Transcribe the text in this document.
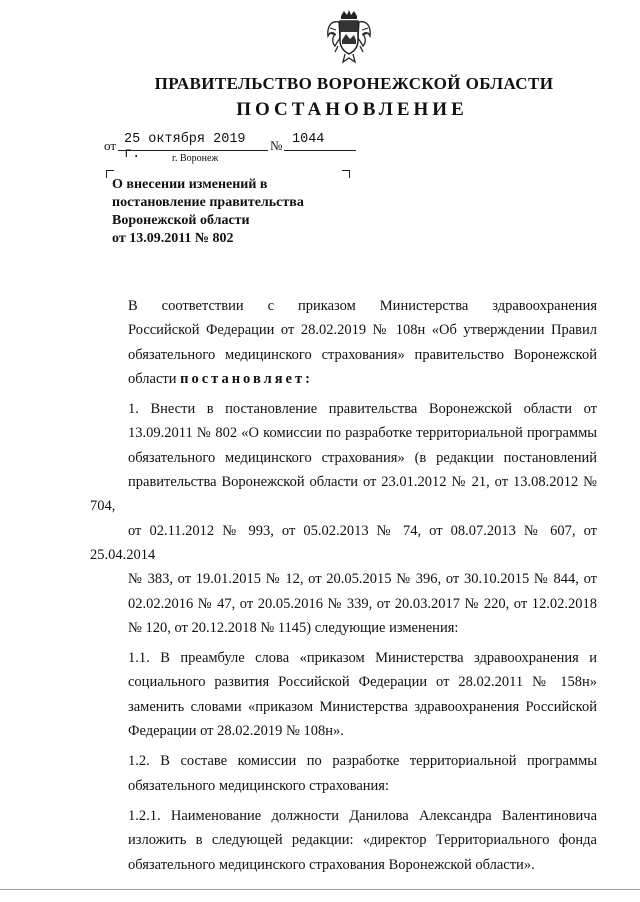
ПРАВИТЕЛЬСТВО ВОРОНЕЖСКОЙ ОБЛАСТИ
ПОСТАНОВЛЕНИЕ
от 25 октября 2019 г.
№ 1044
г. Воронеж
О внесении изменений в
постановление правительства
Воронежской области
от 13.09.2011 № 802

В соответствии с приказом Министерства здравоохранения
Российской Федерации от 28.02.2019 № 108н «Об утверждении Правил
обязательного медицинского страхования» правительство Воронежской
области постановляет:

1. Внести в постановление правительства Воронежской области от
13.09.2011 № 802 «О комиссии по разработке территориальной программы
обязательного медицинского страхования» (в редакции постановлений
правительства Воронежской области от 23.01.2012 № 21, от 13.08.2012 № 704,
от 02.11.2012 № 993, от 05.02.2013 № 74, от 08.07.2013 № 607, от 25.04.2014
№ 383, от 19.01.2015 № 12, от 20.05.2015 № 396, от 30.10.2015 № 844, от
02.02.2016 № 47, от 20.05.2016 № 339, от 20.03.2017 № 220, от 12.02.2018
№ 120, от 20.12.2018 № 1145) следующие изменения:

1.1. В преамбуле слова «приказом Министерства здравоохранения и
социального развития Российской Федерации от 28.02.2011 № 158н»
заменить словами «приказом Министерства здравоохранения Российской
Федерации от 28.02.2019 № 108н».

1.2. В составе комиссии по разработке территориальной программы
обязательного медицинского страхования:

1.2.1. Наименование должности Данилова Александра Валентиновича
изложить в следующей редакции: «директор Территориального фонда
обязательного медицинского страхования Воронежской области».
